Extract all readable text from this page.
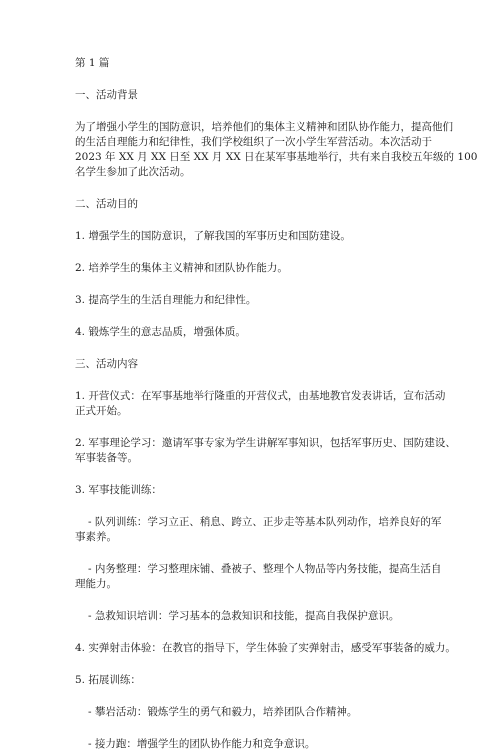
第 1 篇

一、活动背景

为了增强小学生的国防意识，培养他们的集体主义精神和团队协作能力，提高他们

的生活自理能力和纪律性，我们学校组织了一次小学生军营活动。本次活动于

2023 年 XX 月 XX 日至 XX 月 XX 日在某军事基地举行，共有来自我校五年级的 100

名学生参加了此次活动。

二、活动目的

1. 增强学生的国防意识，了解我国的军事历史和国防建设。

2. 培养学生的集体主义精神和团队协作能力。

3. 提高学生的生活自理能力和纪律性。

4. 锻炼学生的意志品质，增强体质。

三、活动内容

1. 开营仪式：在军事基地举行隆重的开营仪式，由基地教官发表讲话，宣布活动

正式开始。

2. 军事理论学习：邀请军事专家为学生讲解军事知识，包括军事历史、国防建设、

军事装备等。

3. 军事技能训练：

- 队列训练：学习立正、稍息、跨立、正步走等基本队列动作，培养良好的军

事素养。

- 内务整理：学习整理床铺、叠被子、整理个人物品等内务技能，提高生活自

理能力。

- 急救知识培训：学习基本的急救知识和技能，提高自我保护意识。

4. 实弹射击体验：在教官的指导下，学生体验了实弹射击，感受军事装备的威力。

5. 拓展训练：

- 攀岩活动：锻炼学生的勇气和毅力，培养团队合作精神。

- 接力跑：增强学生的团队协作能力和竞争意识。
